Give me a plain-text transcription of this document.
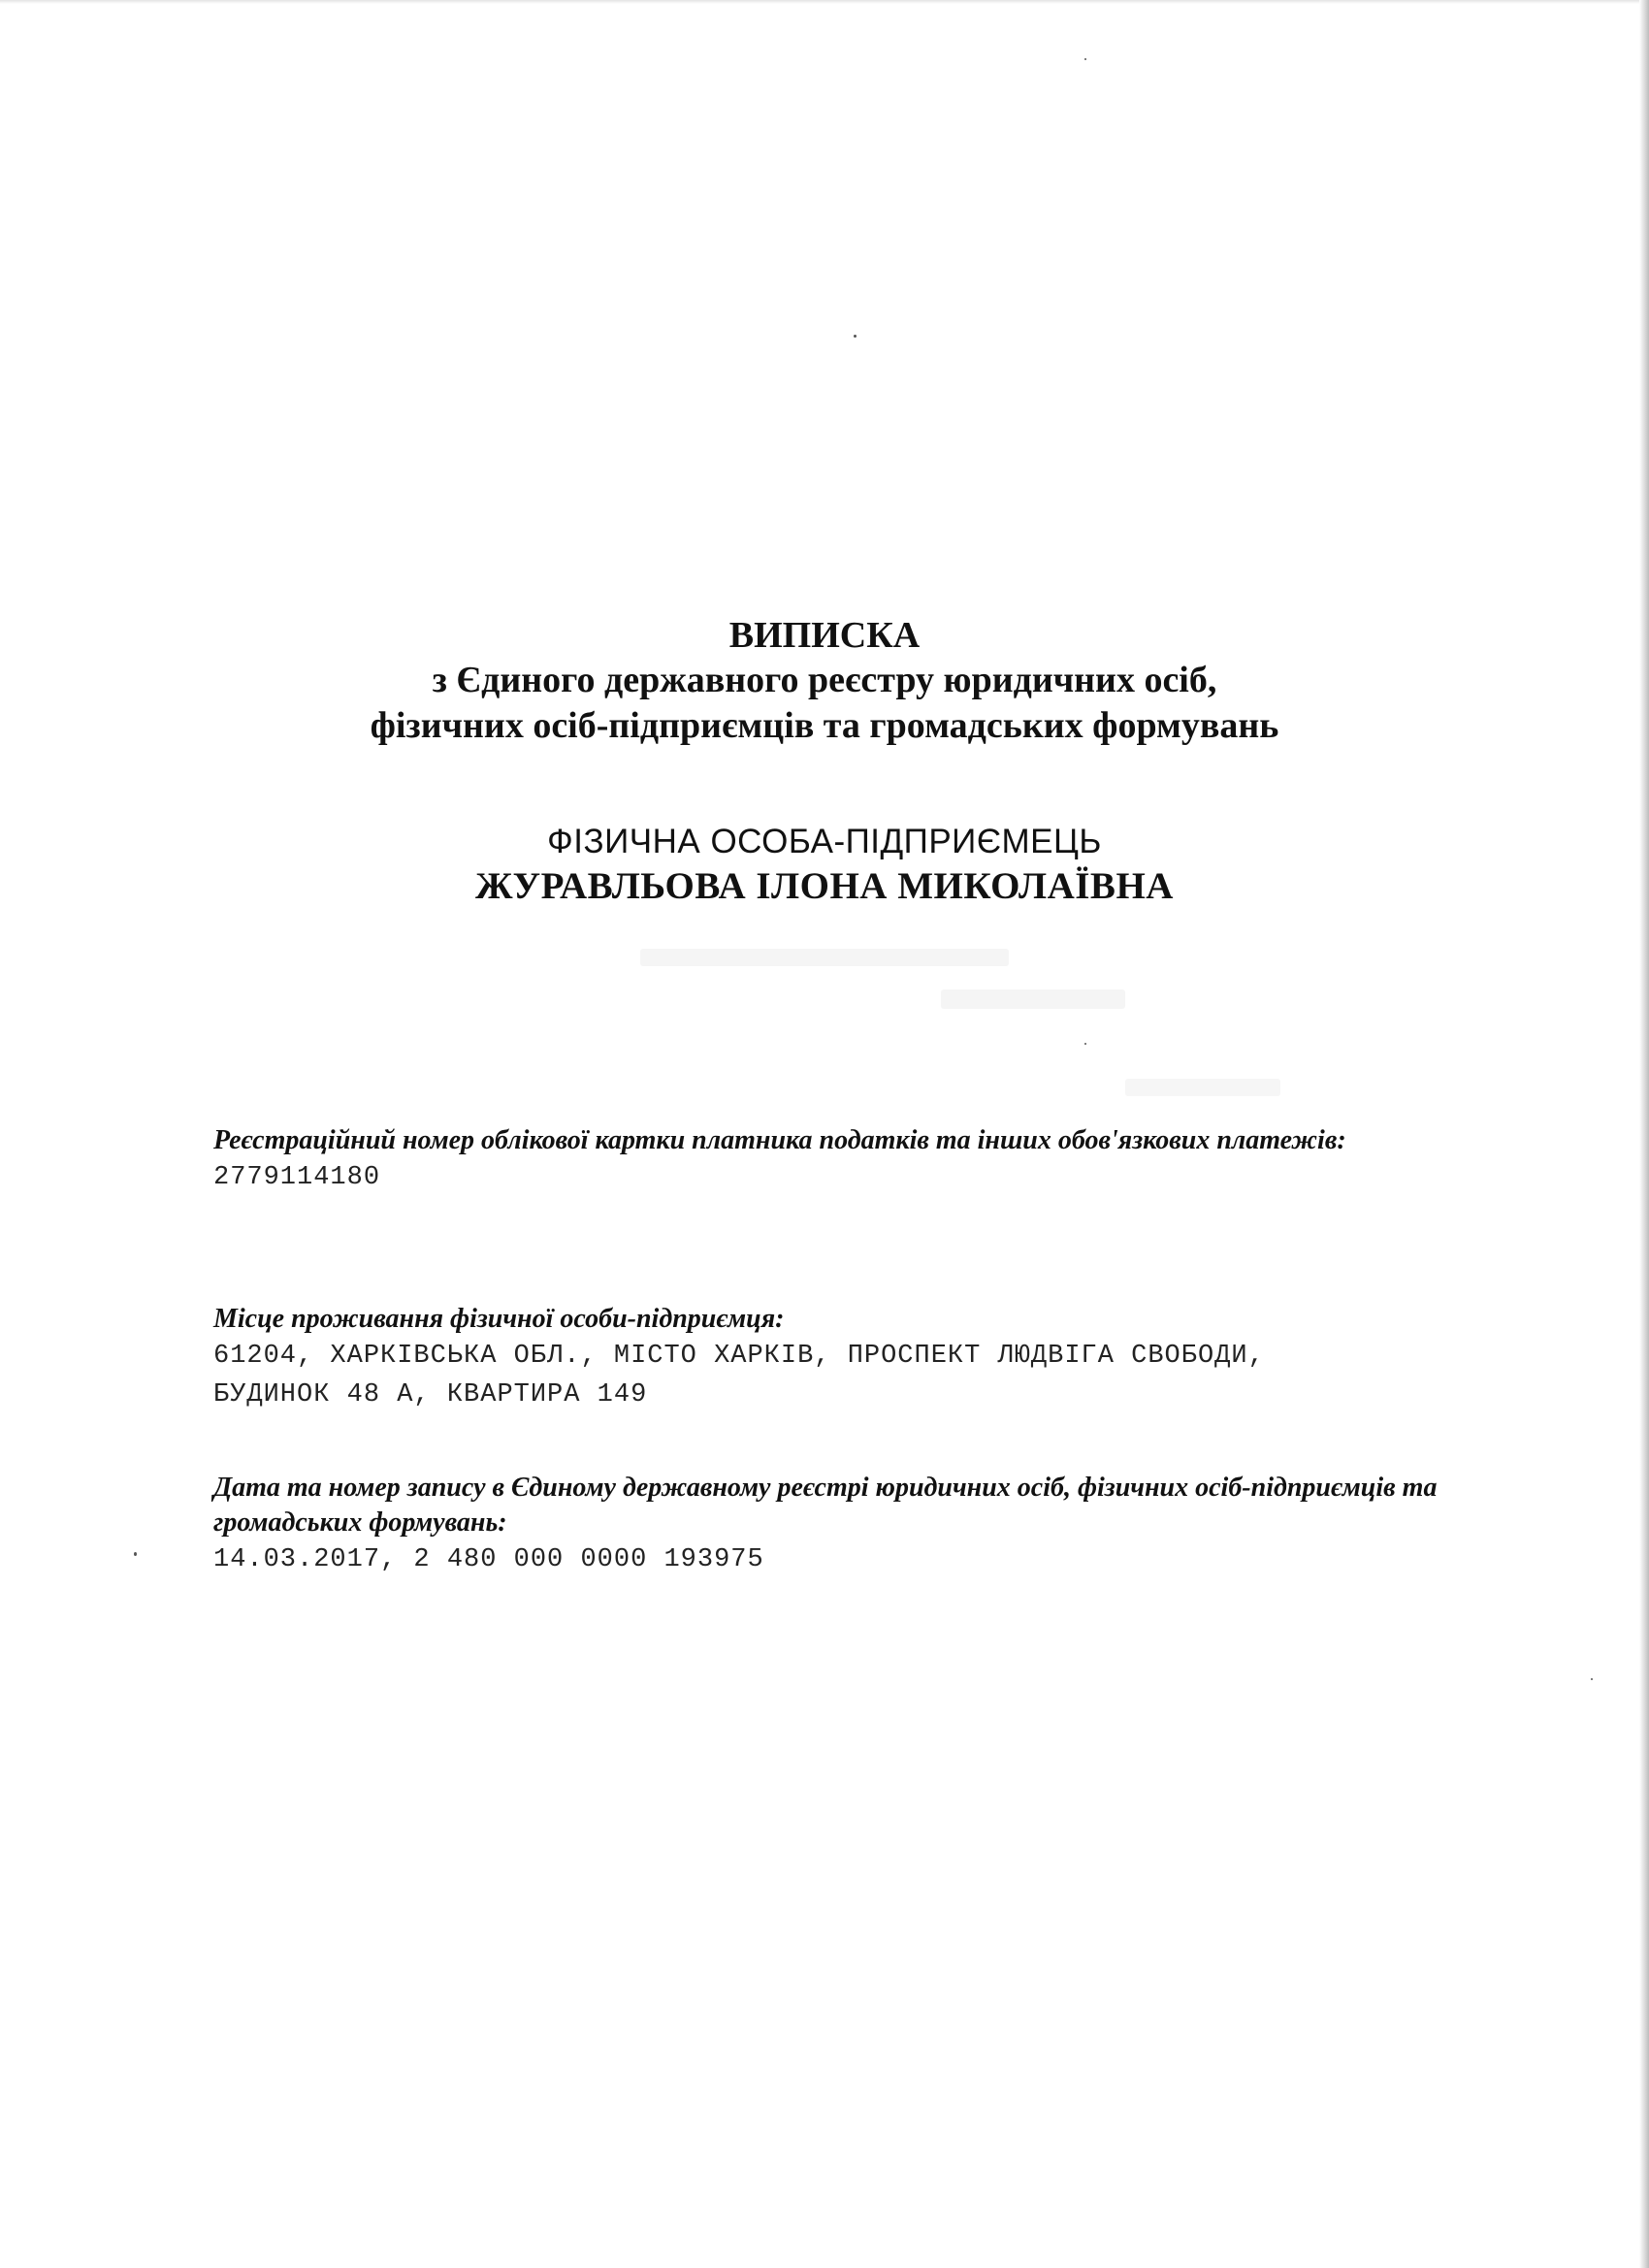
ВИПИСКА
з Єдиного державного реєстру юридичних осіб,
фізичних осіб-підприємців та громадських формувань
ФІЗИЧНА ОСОБА-ПІДПРИЄМЕЦЬ
ЖУРАВЛЬОВА ІЛОНА МИКОЛАЇВНА
Реєстраційний номер облікової картки платника податків та інших обов'язкових платежів:
2779114180
Місце проживання фізичної особи-підприємця:
61204, ХАРКІВСЬКА ОБЛ., МІСТО ХАРКІВ, ПРОСПЕКТ ЛЮДВІГА СВОБОДИ,
БУДИНОК 48 А, КВАРТИРА 149
Дата та номер запису в Єдиному державному реєстрі юридичних осіб, фізичних осіб-підприємців та громадських формувань:
14.03.2017, 2 480 000 0000 193975
